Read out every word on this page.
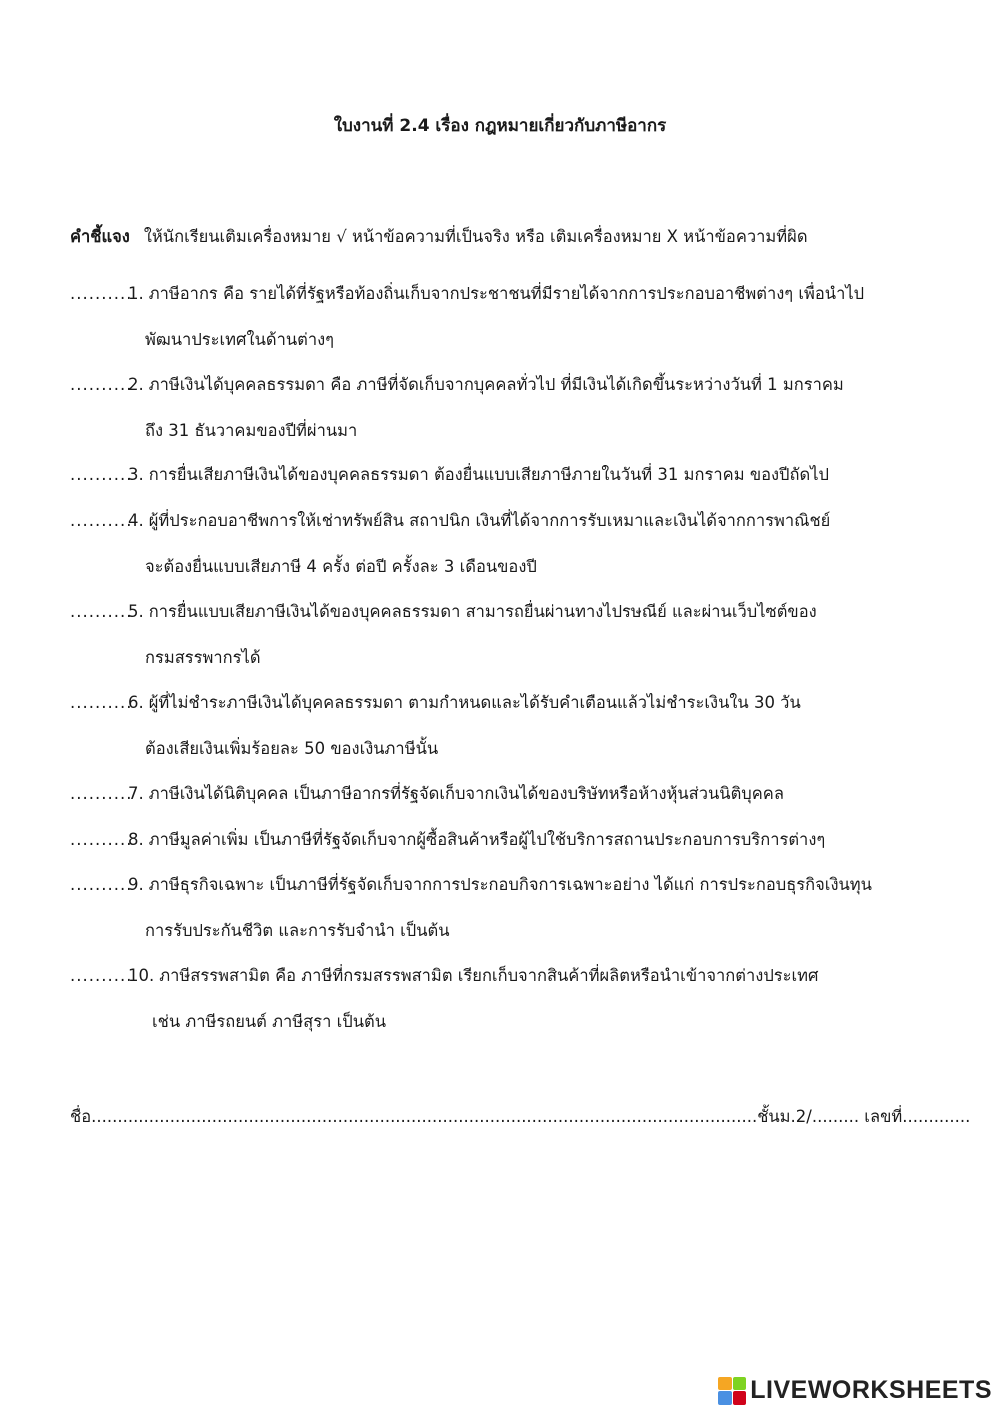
ใบงานที่ 2.4 เรื่อง กฎหมายเกี่ยวกับภาษีอากร
คำชี้แจง ให้นักเรียนเติมเครื่องหมาย √ หน้าข้อความที่เป็นจริง หรือ เติมเครื่องหมาย X หน้าข้อความที่ผิด
..........1. ภาษีอากร คือ รายได้ที่รัฐหรือท้องถิ่นเก็บจากประชาชนที่มีรายได้จากการประกอบอาชีพต่างๆ เพื่อนำไป
พัฒนาประเทศในด้านต่างๆ
..........2. ภาษีเงินได้บุคคลธรรมดา คือ ภาษีที่จัดเก็บจากบุคคลทั่วไป ที่มีเงินได้เกิดขึ้นระหว่างวันที่ 1 มกราคม
ถึง 31 ธันวาคมของปีที่ผ่านมา
..........3. การยื่นเสียภาษีเงินได้ของบุคคลธรรมดา ต้องยื่นแบบเสียภาษีภายในวันที่ 31 มกราคม ของปีถัดไป
..........4. ผู้ที่ประกอบอาชีพการให้เช่าทรัพย์สิน สถาปนิก เงินที่ได้จากการรับเหมาและเงินได้จากการพาณิชย์
จะต้องยื่นแบบเสียภาษี 4 ครั้ง ต่อปี ครั้งละ 3 เดือนของปี
..........5. การยื่นแบบเสียภาษีเงินได้ของบุคคลธรรมดา สามารถยื่นผ่านทางไปรษณีย์ และผ่านเว็บไซต์ของ
กรมสรรพากรได้
..........6. ผู้ที่ไม่ชำระภาษีเงินได้บุคคลธรรมดา ตามกำหนดและได้รับคำเตือนแล้วไม่ชำระเงินใน 30 วัน
ต้องเสียเงินเพิ่มร้อยละ 50 ของเงินภาษีนั้น
..........7. ภาษีเงินได้นิติบุคคล เป็นภาษีอากรที่รัฐจัดเก็บจากเงินได้ของบริษัทหรือห้างหุ้นส่วนนิติบุคคล
..........8. ภาษีมูลค่าเพิ่ม เป็นภาษีที่รัฐจัดเก็บจากผู้ซื้อสินค้าหรือผู้ไปใช้บริการสถานประกอบการบริการต่างๆ
..........9. ภาษีธุรกิจเฉพาะ เป็นภาษีที่รัฐจัดเก็บจากการประกอบกิจการเฉพาะอย่าง ได้แก่ การประกอบธุรกิจเงินทุน
การรับประกันชีวิต และการรับจำนำ เป็นต้น
..........10. ภาษีสรรพสามิต คือ ภาษีที่กรมสรรพสามิต เรียกเก็บจากสินค้าที่ผลิตหรือนำเข้าจากต่างประเทศ
เช่น ภาษีรถยนต์ ภาษีสุรา เป็นต้น
ชื่อ...............................................................................................................................ชั้นม.2/......... เลขที่.............
LIVEWORKSHEETS
